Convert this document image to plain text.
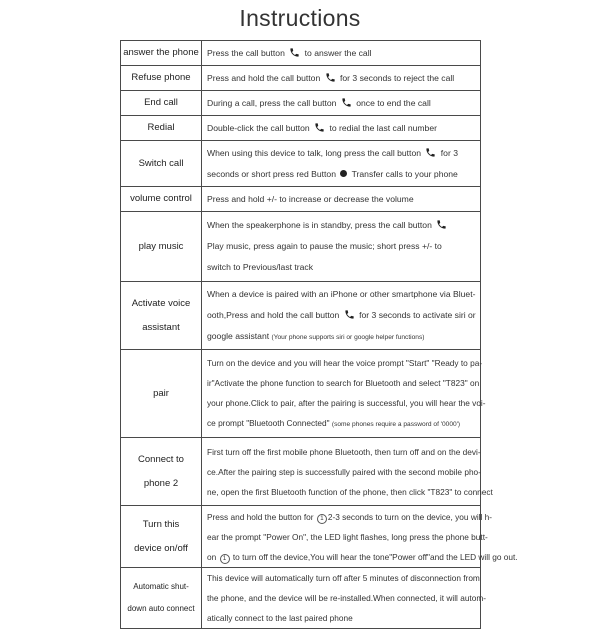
Instructions
answer the phone	Press the call button
to answer the call

Refuse phone	Press and hold the call button
for 3 seconds to reject the call

End call	During a call, press the call button
once to end the call

Redial	Double-click the call button
to redial the last call number

Switch call	When using this device to talk, long press the call button
for 3
seconds or short press red Button  Transfer calls to your phone

volume control	Press and hold +/- to increase or decrease the volume

play music	When the speakerphone is in standby, press the call button
Play music, press again to pause the music; short press +/- to
switch to Previous/last track

Activate voice
assistant	When a device is paired with an iPhone or other smartphone via Bluet-
ooth,Press and hold the call button
for 3 seconds to activate siri or
google assistant (Your phone supports siri or google helper functions)

pair	Turn on the device and you will hear the voice prompt "Start" "Ready to pa-
ir"Activate the phone function to search for Bluetooth and select "T823" on
your phone.Click to pair, after the pairing is successful, you will hear the voi-
ce prompt "Bluetooth Connected" (some phones require a password of '0000')

Connect to
phone 2	First turn off the first mobile phone Bluetooth, then turn off and on the devi-
ce.After the pairing step is successfully paired with the second mobile pho-
ne, open the first Bluetooth function of the phone, then click "T823" to connect

Turn this
device on/off	Press and hold the button for 1 2-3 seconds to turn on the device, you will h-
ear the prompt "Power On", the LED light flashes, long press the phone butt-
on 1 to turn off the device,You will hear the tone"Power off"and the LED will go out.

Automatic shut-
down auto connect	This device will automatically turn off after 5 minutes of disconnection from
the phone, and the device will be re-installed.When connected, it will autom-
atically connect to the last paired phone
